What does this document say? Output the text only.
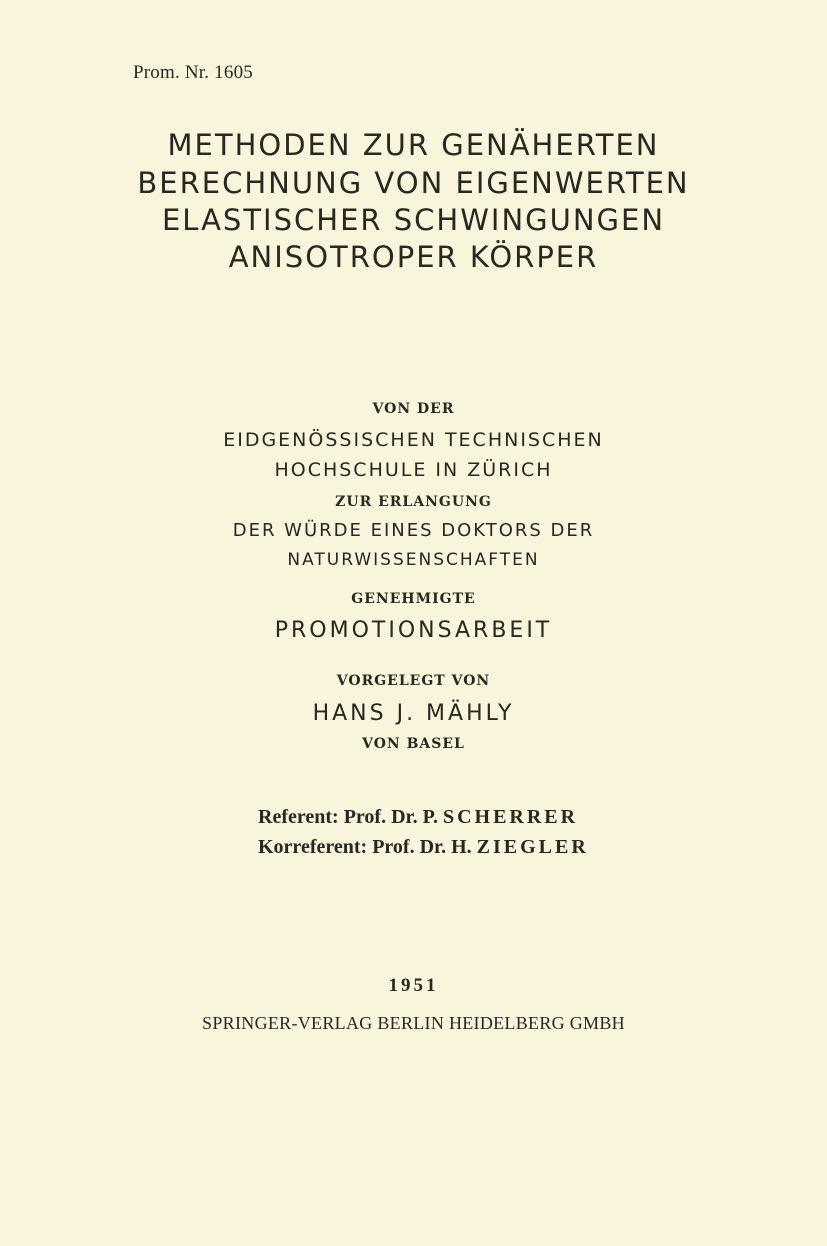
Prom. Nr. 1605
METHODEN ZUR GENÄHERTEN
BERECHNUNG VON EIGENWERTEN
ELASTISCHER SCHWINGUNGEN
ANISOTROPER KÖRPER
VON DER
EIDGENÖSSISCHEN TECHNISCHEN
HOCHSCHULE IN ZÜRICH
ZUR ERLANGUNG
DER WÜRDE EINES DOKTORS DER
NATURWISSENSCHAFTEN
GENEHMIGTE
PROMOTIONSARBEIT
VORGELEGT VON
HANS J. MÄHLY
VON BASEL
Referent: Prof. Dr. P. SCHERRER
Korreferent: Prof. Dr. H. ZIEGLER
1951
SPRINGER-VERLAG BERLIN HEIDELBERG GMBH
